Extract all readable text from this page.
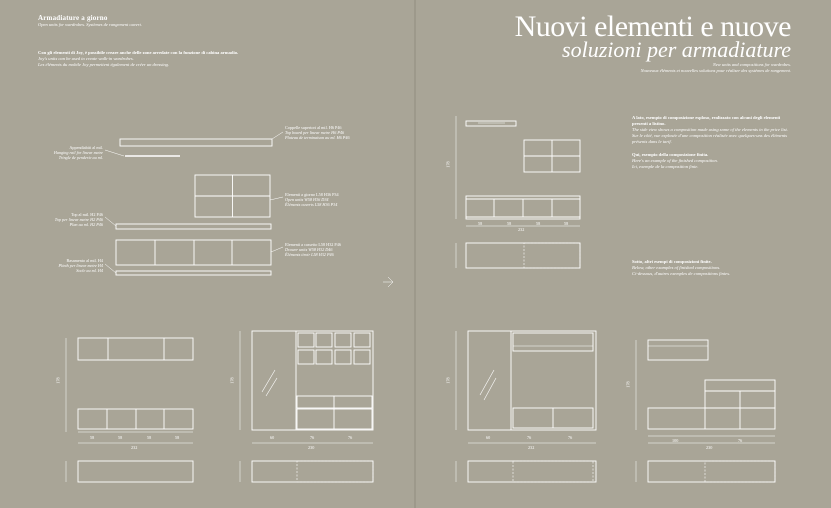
Armadiature a giorno
Open units for wardrobes. Systèmes de rangement ouvert.
Con gli elementi di Joy, è possibile creare anche delle zone arredate con la funzione di cabina armadio.
Joy's units can be used to create walk-in wardrobes.
Les éléments du mobile Joy permettent également de créer un dressing.
Nuovi elementi e nuove
soluzioni per armadiature
New units and compositions for wardrobes.
Nouveaux éléments et nouvelles solutions pour réaliser des systèmes de rangement.
A lato, esempio di composizione esploso, realizzato con alcuni degli elementi presenti a listino.
The side view shows a composition made using some of the elements in the price list.
Sur le côté, vue explosée d'une composition réalisée avec quelques-uns des éléments présents dans le tarif.
Qui, esempio della composizione finita.
Here's an example of the finished composition.
Ici, exemple de la composition finie.
Sotto, altri esempi di composizioni finite.
Below, other examples of finished compositions.
Ci-dessous, d'autres exemples de compositions finies.
Appendiabiti al mtl.
Hanging rail for linear metre
Tringle de penderie au ml.
Top al mtl. H2 P46
Top per linear metre H2 P46
Plan au ml. H2 P46
Basamento al mtl. H4
Plinth per linear metre H4
Socle au ml. H4
Coppelle superiori al mtl. H6 P46
Top board per linear metre H6 P46
Plateau de terminaison au ml. H6 P46
Elementi a giorno L58 H36 P34
Open units W58 H36 D34
Éléments ouverts L58 H36 P34
Elementi a cassetto L58 H32 P46
Drawer units W58 H32 D46
Éléments tiroir L58 H32 P46
178
232
58	58	58	58
178
58	58	58	58
232
178
60	76	76
230
178
60	76	76
232
178
100	76
230
